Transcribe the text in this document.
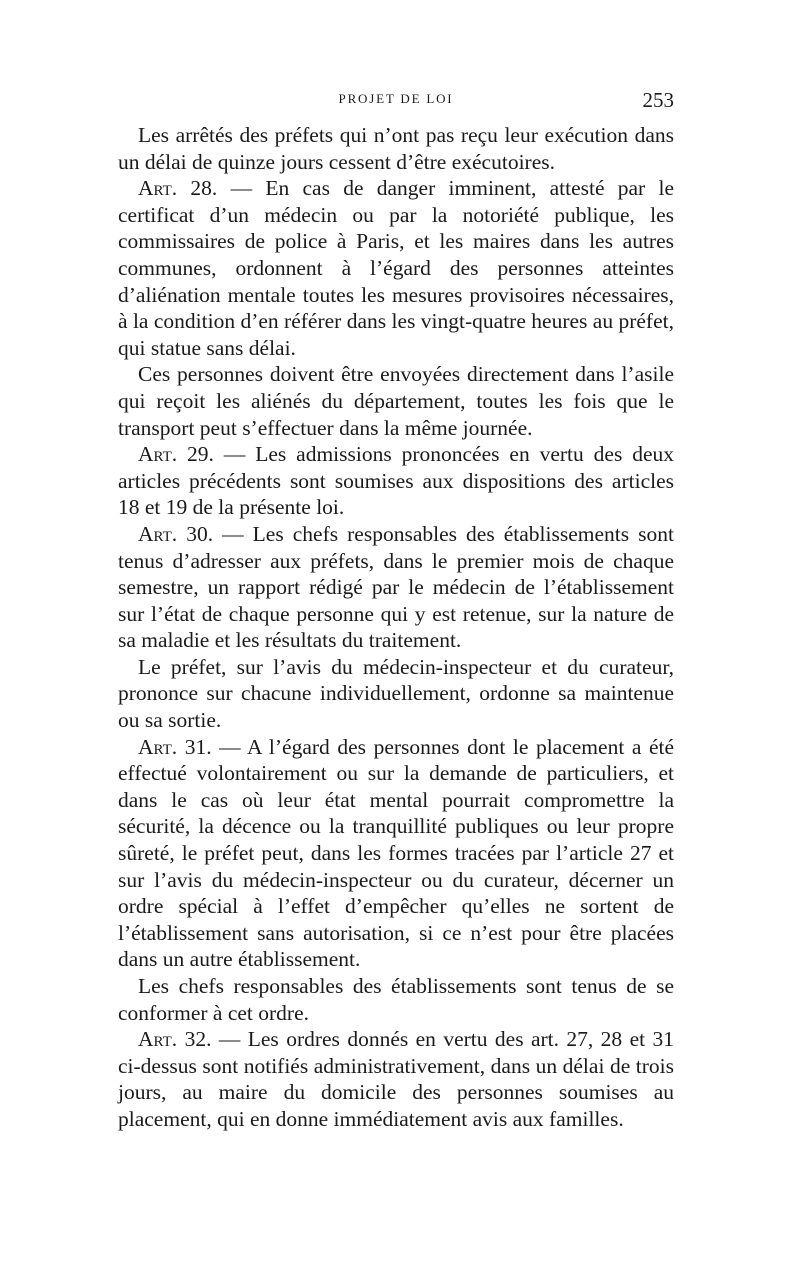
PROJET DE LOI	253

Les arrêtés des préfets qui n’ont pas reçu leur exécution dans un délai de quinze jours cessent d’être exécutoires.

Art. 28. — En cas de danger imminent, attesté par le certificat d’un médecin ou par la notoriété publique, les commissaires de police à Paris, et les maires dans les autres communes, ordonnent à l’égard des personnes atteintes d’aliénation mentale toutes les mesures provisoires nécessaires, à la condition d’en référer dans les vingt-quatre heures au préfet, qui statue sans délai.

Ces personnes doivent être envoyées directement dans l’asile qui reçoit les aliénés du département, toutes les fois que le transport peut s’effectuer dans la même journée.

Art. 29. — Les admissions prononcées en vertu des deux articles précédents sont soumises aux dispositions des articles 18 et 19 de la présente loi.

Art. 30. — Les chefs responsables des établissements sont tenus d’adresser aux préfets, dans le premier mois de chaque semestre, un rapport rédigé par le médecin de l’établissement sur l’état de chaque personne qui y est retenue, sur la nature de sa maladie et les résultats du traitement.

Le préfet, sur l’avis du médecin-inspecteur et du curateur, prononce sur chacune individuellement, ordonne sa maintenue ou sa sortie.

Art. 31. — A l’égard des personnes dont le placement a été effectué volontairement ou sur la demande de particuliers, et dans le cas où leur état mental pourrait compromettre la sécurité, la décence ou la tranquillité publiques ou leur propre sûreté, le préfet peut, dans les formes tracées par l’article 27 et sur l’avis du médecin-inspecteur ou du curateur, décerner un ordre spécial à l’effet d’empêcher qu’elles ne sortent de l’établissement sans autorisation, si ce n’est pour être placées dans un autre établissement.

Les chefs responsables des établissements sont tenus de se conformer à cet ordre.

Art. 32. — Les ordres donnés en vertu des art. 27, 28 et 31 ci-dessus sont notifiés administrativement, dans un délai de trois jours, au maire du domicile des personnes soumises au placement, qui en donne immédiatement avis aux familles.
